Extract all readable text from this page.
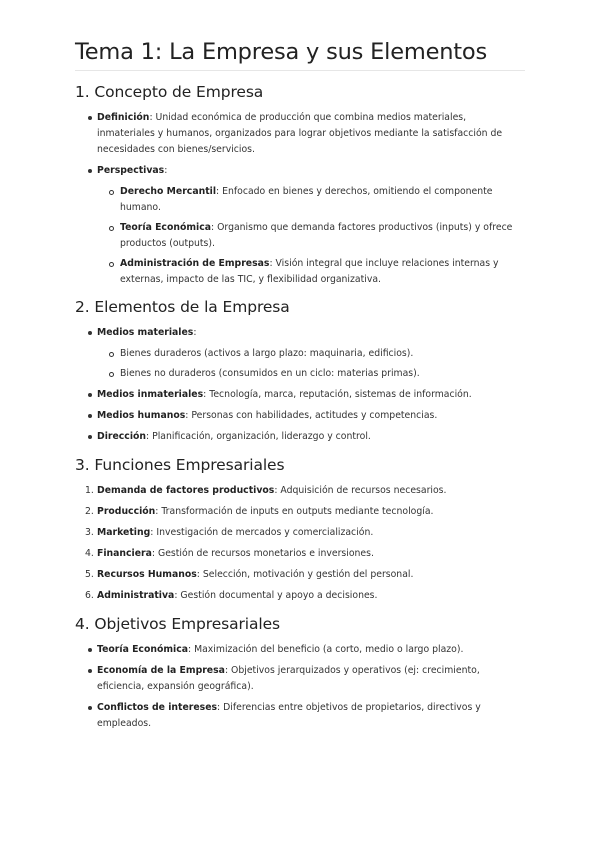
Tema 1: La Empresa y sus Elementos
1. Concepto de Empresa
Definición: Unidad económica de producción que combina medios materiales, inmateriales y humanos, organizados para lograr objetivos mediante la satisfacción de necesidades con bienes/servicios.
Perspectivas:
Derecho Mercantil: Enfocado en bienes y derechos, omitiendo el componente humano.
Teoría Económica: Organismo que demanda factores productivos (inputs) y ofrece productos (outputs).
Administración de Empresas: Visión integral que incluye relaciones internas y externas, impacto de las TIC, y flexibilidad organizativa.
2. Elementos de la Empresa
Medios materiales:
Bienes duraderos (activos a largo plazo: maquinaria, edificios).
Bienes no duraderos (consumidos en un ciclo: materias primas).
Medios inmateriales: Tecnología, marca, reputación, sistemas de información.
Medios humanos: Personas con habilidades, actitudes y competencias.
Dirección: Planificación, organización, liderazgo y control.
3. Funciones Empresariales
1. Demanda de factores productivos: Adquisición de recursos necesarios.
2. Producción: Transformación de inputs en outputs mediante tecnología.
3. Marketing: Investigación de mercados y comercialización.
4. Financiera: Gestión de recursos monetarios e inversiones.
5. Recursos Humanos: Selección, motivación y gestión del personal.
6. Administrativa: Gestión documental y apoyo a decisiones.
4. Objetivos Empresariales
Teoría Económica: Maximización del beneficio (a corto, medio o largo plazo).
Economía de la Empresa: Objetivos jerarquizados y operativos (ej: crecimiento, eficiencia, expansión geográfica).
Conflictos de intereses: Diferencias entre objetivos de propietarios, directivos y empleados.
